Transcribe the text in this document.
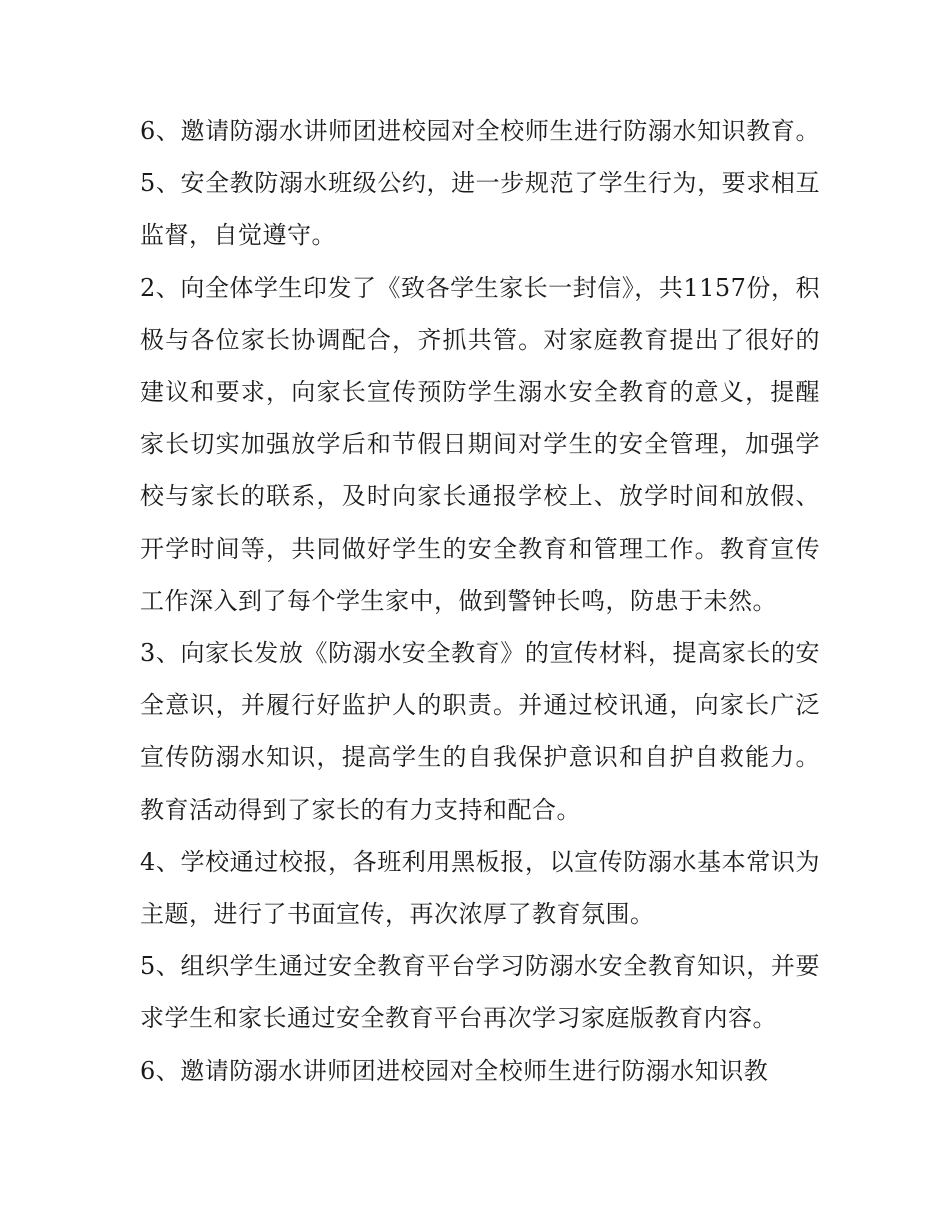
6、邀请防溺水讲师团进校园对全校师生进行防溺水知识教育。 5、安全教防溺水班级公约，进一步规范了学生行为，要求相互监督，自觉遵守。

2、向全体学生印发了《致各学生家长一封信》，共1157份，积极与各位家长协调配合，齐抓共管。对家庭教育提出了很好的建议和要求，向家长宣传预防学生溺水安全教育的意义，提醒家长切实加强放学后和节假日期间对学生的安全管理，加强学校与家长的联系，及时向家长通报学校上、放学时间和放假、开学时间等，共同做好学生的安全教育和管理工作。教育宣传工作深入到了每个学生家中，做到警钟长鸣，防患于未然。

3、向家长发放《防溺水安全教育》的宣传材料，提高家长的安全意识，并履行好监护人的职责。并通过校讯通，向家长广泛宣传防溺水知识，提高学生的自我保护意识和自护自救能力。教育活动得到了家长的有力支持和配合。

4、学校通过校报，各班利用黑板报，以宣传防溺水基本常识为主题，进行了书面宣传，再次浓厚了教育氛围。

5、组织学生通过安全教育平台学习防溺水安全教育知识，并要求学生和家长通过安全教育平台再次学习家庭版教育内容。

6、邀请防溺水讲师团进校园对全校师生进行防溺水知识教
